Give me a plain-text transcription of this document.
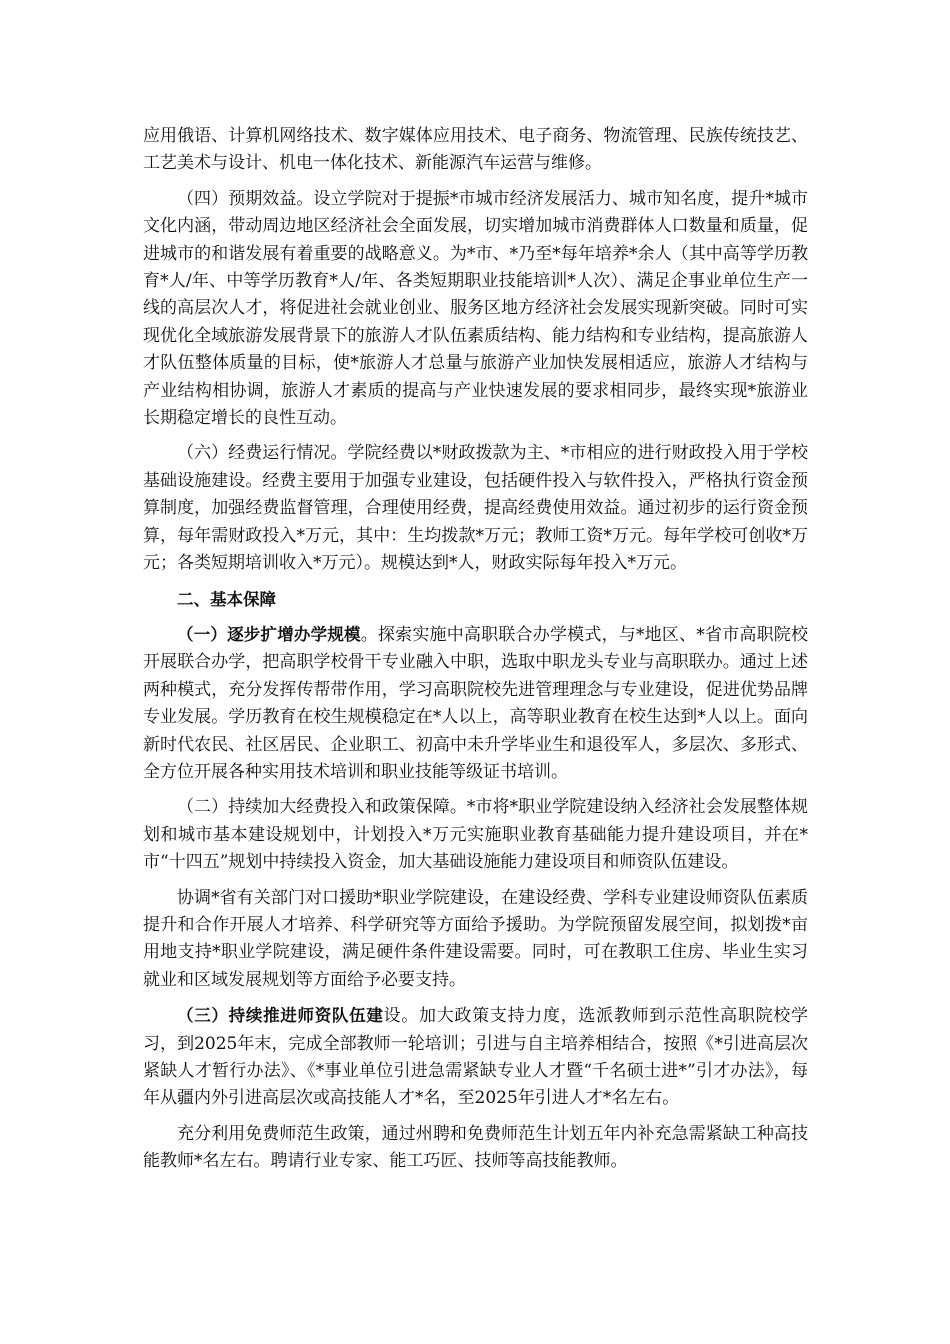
应用俄语、计算机网络技术、数字媒体应用技术、电子商务、物流管理、民族传统技艺、工艺美术与设计、机电一体化技术、新能源汽车运营与维修。

（四）预期效益。设立学院对于提振*市城市经济发展活力、城市知名度，提升*城市文化内涵，带动周边地区经济社会全面发展，切实增加城市消费群体人口数量和质量，促进城市的和谐发展有着重要的战略意义。为*市、*乃至*每年培养*余人（其中高等学历教育*人/年、中等学历教育*人/年、各类短期职业技能培训*人次）、满足企事业单位生产一线的高层次人才，将促进社会就业创业、服务区地方经济社会发展实现新突破。同时可实现优化全域旅游发展背景下的旅游人才队伍素质结构、能力结构和专业结构，提高旅游人才队伍整体质量的目标，使*旅游人才总量与旅游产业加快发展相适应，旅游人才结构与产业结构相协调，旅游人才素质的提高与产业快速发展的要求相同步，最终实现*旅游业长期稳定增长的良性互动。

（六）经费运行情况。学院经费以*财政拨款为主、*市相应的进行财政投入用于学校基础设施建设。经费主要用于加强专业建设，包括硬件投入与软件投入，严格执行资金预算制度，加强经费监督管理，合理使用经费，提高经费使用效益。通过初步的运行资金预算，每年需财政投入*万元，其中：生均拨款*万元；教师工资*万元。每年学校可创收*万元；各类短期培训收入*万元）。规模达到*人，财政实际每年投入*万元。

二、基本保障

（一）逐步扩增办学规模。探索实施中高职联合办学模式，与*地区、*省市高职院校开展联合办学，把高职学校骨干专业融入中职，选取中职龙头专业与高职联办。通过上述两种模式，充分发挥传帮带作用，学习高职院校先进管理理念与专业建设，促进优势品牌专业发展。学历教育在校生规模稳定在*人以上，高等职业教育在校生达到*人以上。面向新时代农民、社区居民、企业职工、初高中未升学毕业生和退役军人，多层次、多形式、全方位开展各种实用技术培训和职业技能等级证书培训。

（二）持续加大经费投入和政策保障。*市将*职业学院建设纳入经济社会发展整体规划和城市基本建设规划中，计划投入*万元实施职业教育基础能力提升建设项目，并在*市“十四五”规划中持续投入资金，加大基础设施能力建设项目和师资队伍建设。

协调*省有关部门对口援助*职业学院建设，在建设经费、学科专业建设师资队伍素质提升和合作开展人才培养、科学研究等方面给予援助。为学院预留发展空间，拟划拨*亩用地支持*职业学院建设，满足硬件条件建设需要。同时，可在教职工住房、毕业生实习就业和区域发展规划等方面给予必要支持。

（三）持续推进师资队伍建设。加大政策支持力度，选派教师到示范性高职院校学习，到2025年末，完成全部教师一轮培训；引进与自主培养相结合，按照《*引进高层次紧缺人才暂行办法》、《*事业单位引进急需紧缺专业人才暨“千名硕士进*”引才办法》，每年从疆内外引进高层次或高技能人才*名，至2025年引进人才*名左右。

充分利用免费师范生政策，通过州聘和免费师范生计划五年内补充急需紧缺工种高技能教师*名左右。聘请行业专家、能工巧匠、技师等高技能教师。
